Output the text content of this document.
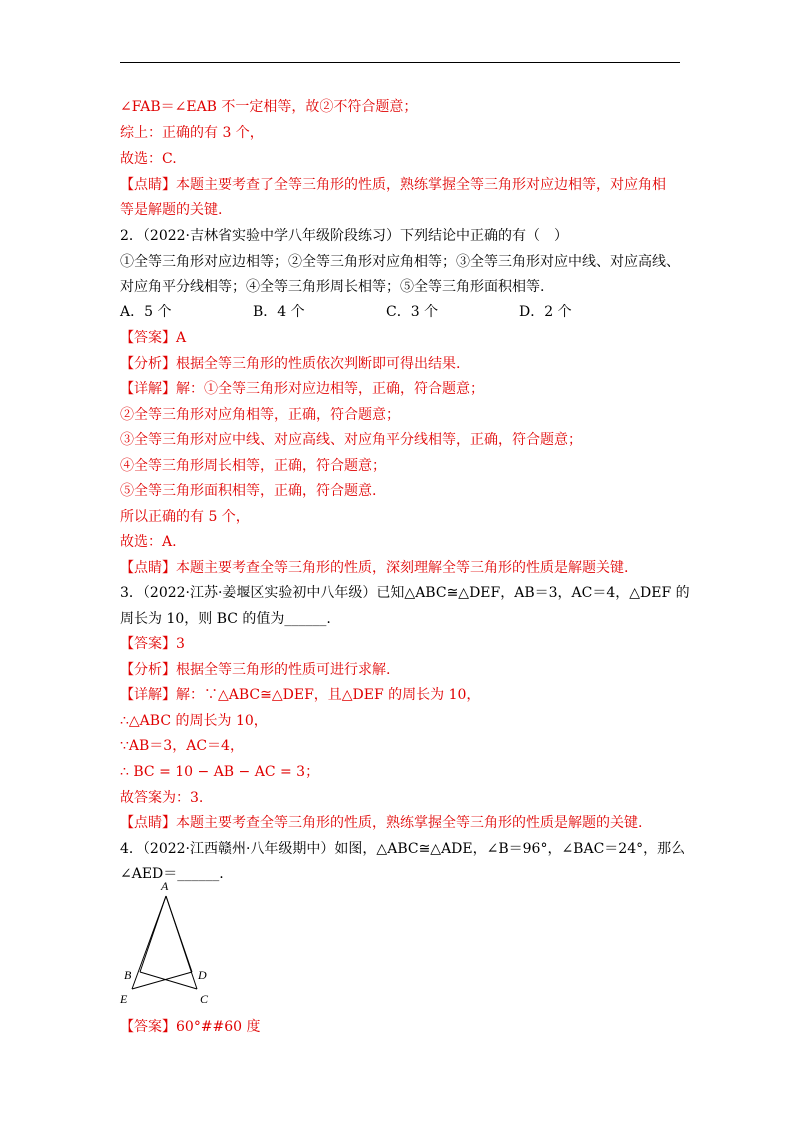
∠FAB＝∠EAB 不一定相等，故②不符合题意；
综上：正确的有 3 个，
故选：C.
【点睛】本题主要考查了全等三角形的性质，熟练掌握全等三角形对应边相等，对应角相
等是解题的关键.
2．（2022·吉林省实验中学八年级阶段练习）下列结论中正确的有（　）
①全等三角形对应边相等；②全等三角形对应角相等；③全等三角形对应中线、对应高线、
对应角平分线相等；④全等三角形周长相等；⑤全等三角形面积相等.
A．5 个	B．4 个	C．3 个	D．2 个
【答案】A
【分析】根据全等三角形的性质依次判断即可得出结果.
【详解】解：①全等三角形对应边相等，正确，符合题意；
②全等三角形对应角相等，正确，符合题意；
③全等三角形对应中线、对应高线、对应角平分线相等，正确，符合题意；
④全等三角形周长相等，正确，符合题意；
⑤全等三角形面积相等，正确，符合题意.
所以正确的有 5 个，
故选：A.
【点睛】本题主要考查全等三角形的性质，深刻理解全等三角形的性质是解题关键.
3．（2022·江苏·姜堰区实验初中八年级）已知△ABC≅△DEF，AB＝3，AC＝4，△DEF 的
周长为 10，则 BC 的值为______.
【答案】3
【分析】根据全等三角形的性质可进行求解.
【详解】解：∵△ABC≅△DEF，且△DEF 的周长为 10，
∴△ABC 的周长为 10，
∵AB＝3，AC＝4，
∴ BC = 10 − AB − AC = 3；
故答案为：3.
【点睛】本题主要考查全等三角形的性质，熟练掌握全等三角形的性质是解题的关键.
4．（2022·江西赣州·八年级期中）如图，△ABC≅△ADE，∠B＝96°，∠BAC＝24°，那么
∠AED＝______.
A
B	D
E	C
【答案】60°##60 度
